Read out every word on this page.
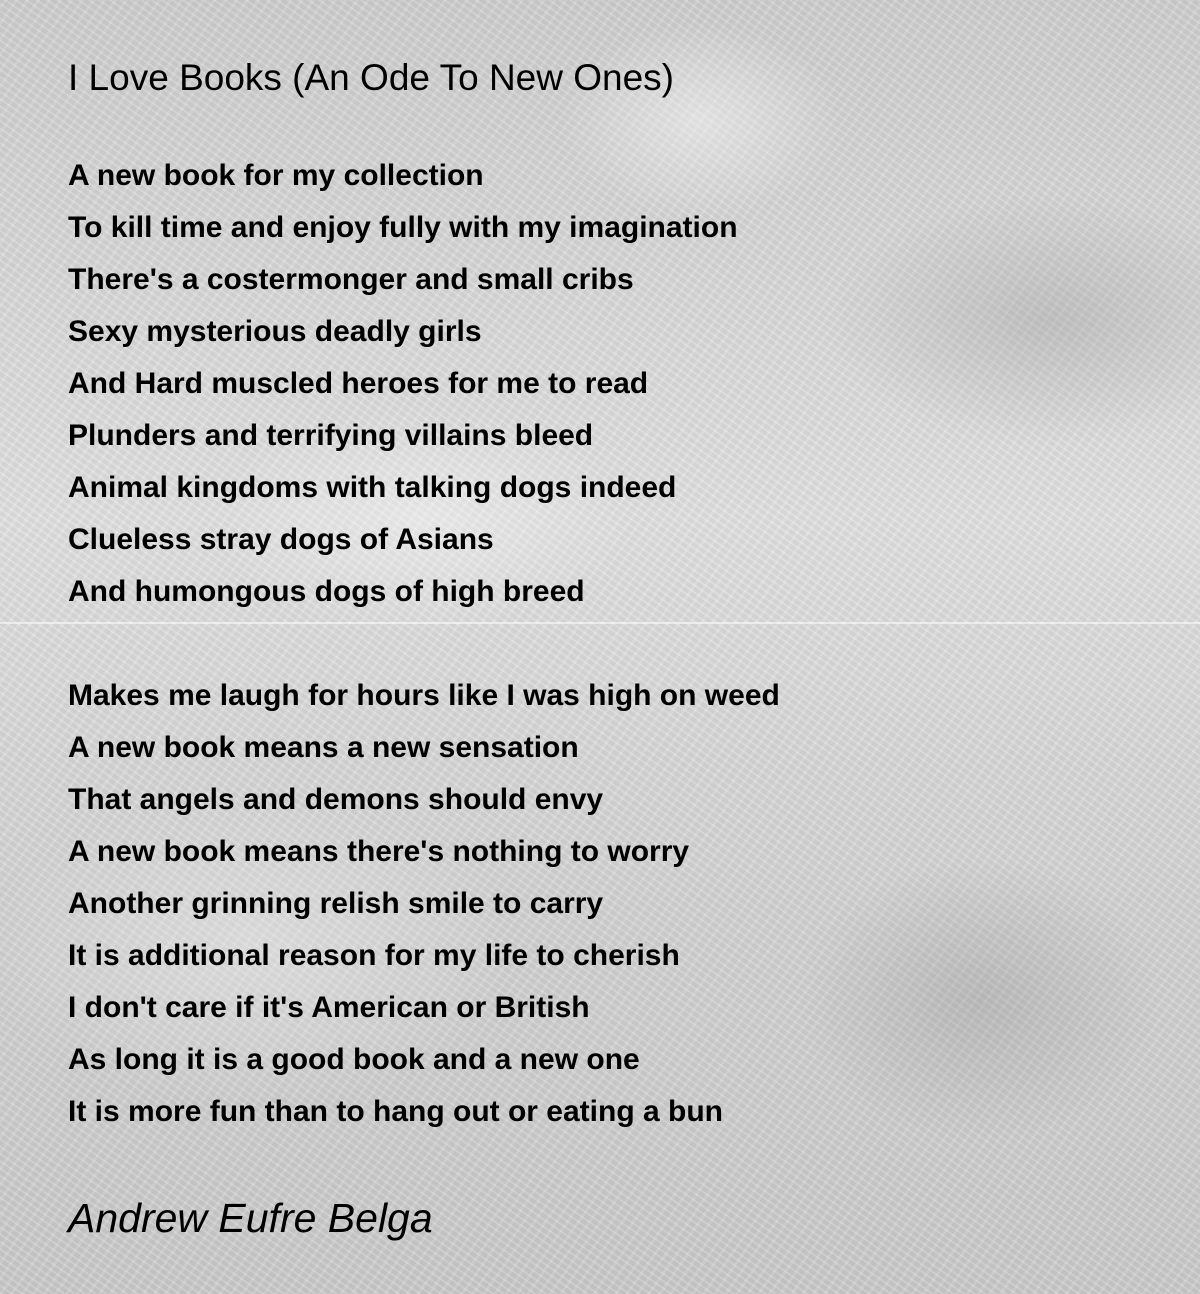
I Love Books (An Ode To New Ones)
A new book for my collection
To kill time and enjoy fully with my imagination
There's a costermonger and small cribs
Sexy mysterious deadly girls
And Hard muscled heroes for me to read
Plunders and terrifying villains bleed
Animal kingdoms with talking dogs indeed
Clueless stray dogs of Asians
And humongous dogs of high breed
Makes me laugh for hours like I was high on weed
A new book means a new sensation
That angels and demons should envy
A new book means there's nothing to worry
Another grinning relish smile to carry
It is additional reason for my life to cherish
I don't care if it's American or British
As long it is a good book and a new one
It is more fun than to hang out or eating a bun

Andrew Eufre Belga
